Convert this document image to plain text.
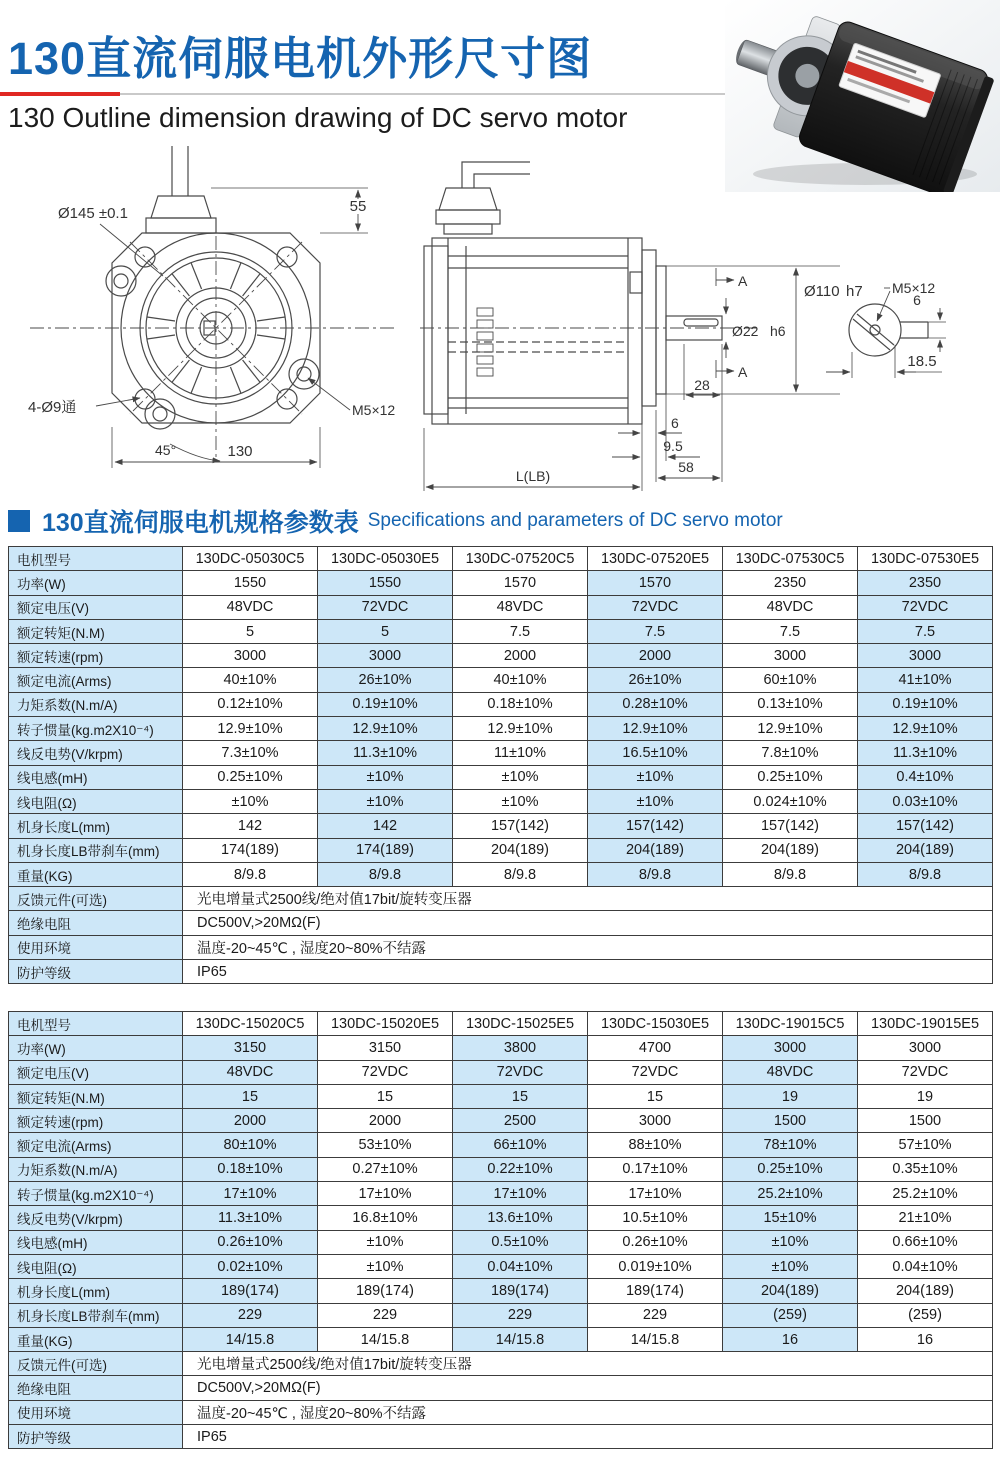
130直流伺服电机外形尺寸图
130 Outline dimension drawing of DC servo motor
Ø145 ±0.1	55
4-Ø9通	M5×12
45°	130
A
A
Ø110 h7
Ø22 h6
28
6
9.5
58
L(LB)
M5×12
6
18.5
130直流伺服电机规格参数表 Specifications and parameters of DC servo motor
电机型号	130DC-05030C5	130DC-05030E5	130DC-07520C5	130DC-07520E5	130DC-07530C5	130DC-07530E5
功率(W)	1550	1550	1570	1570	2350	2350
额定电压(V)	48VDC	72VDC	48VDC	72VDC	48VDC	72VDC
额定转矩(N.M)	5	5	7.5	7.5	7.5	7.5
额定转速(rpm)	3000	3000	2000	2000	3000	3000
额定电流(Arms)	40±10%	26±10%	40±10%	26±10%	60±10%	41±10%
力矩系数(N.m/A)	0.12±10%	0.19±10%	0.18±10%	0.28±10%	0.13±10%	0.19±10%
转子惯量(kg.m2X10⁻⁴)	12.9±10%	12.9±10%	12.9±10%	12.9±10%	12.9±10%	12.9±10%
线反电势(V/krpm)	7.3±10%	11.3±10%	11±10%	16.5±10%	7.8±10%	11.3±10%
线电感(mH)	0.25±10%	±10%	±10%	±10%	0.25±10%	0.4±10%
线电阻(Ω)	±10%	±10%	±10%	±10%	0.024±10%	0.03±10%
机身长度L(mm)	142	142	157(142)	157(142)	157(142)	157(142)
机身长度LB带刹车(mm)	174(189)	174(189)	204(189)	204(189)	204(189)	204(189)
重量(KG)	8/9.8	8/9.8	8/9.8	8/9.8	8/9.8	8/9.8
反馈元件(可选)	光电增量式2500线/绝对值17bit/旋转变压器					
绝缘电阻	DC500V,>20MΩ(F)					
使用环境	温度-20~45℃ , 湿度20~80%不结露					
防护等级	IP65					
电机型号	130DC-15020C5	130DC-15020E5	130DC-15025E5	130DC-15030E5	130DC-19015C5	130DC-19015E5
功率(W)	3150	3150	3800	4700	3000	3000
额定电压(V)	48VDC	72VDC	72VDC	72VDC	48VDC	72VDC
额定转矩(N.M)	15	15	15	15	19	19
额定转速(rpm)	2000	2000	2500	3000	1500	1500
额定电流(Arms)	80±10%	53±10%	66±10%	88±10%	78±10%	57±10%
力矩系数(N.m/A)	0.18±10%	0.27±10%	0.22±10%	0.17±10%	0.25±10%	0.35±10%
转子惯量(kg.m2X10⁻⁴)	17±10%	17±10%	17±10%	17±10%	25.2±10%	25.2±10%
线反电势(V/krpm)	11.3±10%	16.8±10%	13.6±10%	10.5±10%	15±10%	21±10%
线电感(mH)	0.26±10%	±10%	0.5±10%	0.26±10%	±10%	0.66±10%
线电阻(Ω)	0.02±10%	±10%	0.04±10%	0.019±10%	±10%	0.04±10%
机身长度L(mm)	189(174)	189(174)	189(174)	189(174)	204(189)	204(189)
机身长度LB带刹车(mm)	229	229	229	229	(259)	(259)
重量(KG)	14/15.8	14/15.8	14/15.8	14/15.8	16	16
反馈元件(可选)	光电增量式2500线/绝对值17bit/旋转变压器					
绝缘电阻	DC500V,>20MΩ(F)					
使用环境	温度-20~45℃ , 湿度20~80%不结露					
防护等级	IP65					
